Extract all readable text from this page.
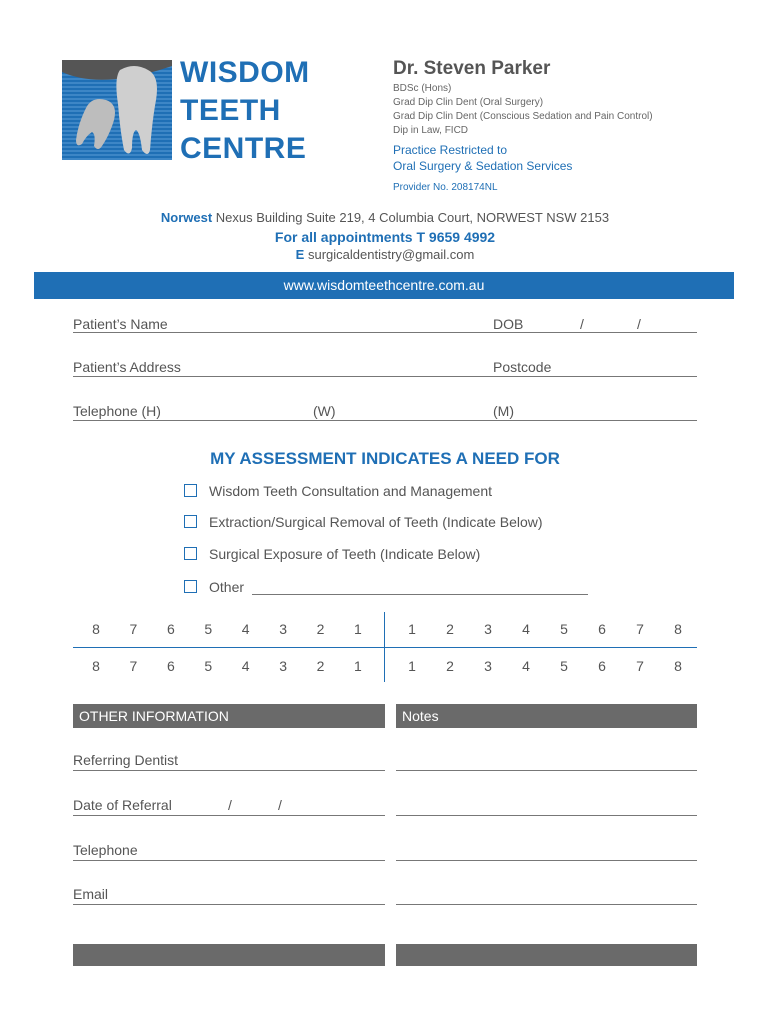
WISDOM
TEETH
CENTRE
Dr. Steven Parker
BDSc (Hons)
Grad Dip Clin Dent (Oral Surgery)
Grad Dip Clin Dent (Conscious Sedation and Pain Control)
Dip in Law, FICD
Practice Restricted to
Oral Surgery & Sedation Services
Provider No. 208174NL
Norwest Nexus Building Suite 219, 4 Columbia Court, NORWEST NSW 2153
For all appointments T 9659 4992
E surgicaldentistry@gmail.com
www.wisdomteethcentre.com.au
Patient’s Name	DOB	/	/
Patient’s Address	Postcode
Telephone (H)	(W)	(M)
MY ASSESSMENT INDICATES A NEED FOR
Wisdom Teeth Consultation and Management
Extraction/Surgical Removal of Teeth (Indicate Below)
Surgical Exposure of Teeth (Indicate Below)
Other
8	7	6	5	4	3	2	1	1	2	3	4	5	6	7	8
8	7	6	5	4	3	2	1	1	2	3	4	5	6	7	8
OTHER INFORMATION	Notes
Referring Dentist
Date of Referral	/	/
Telephone
Email
